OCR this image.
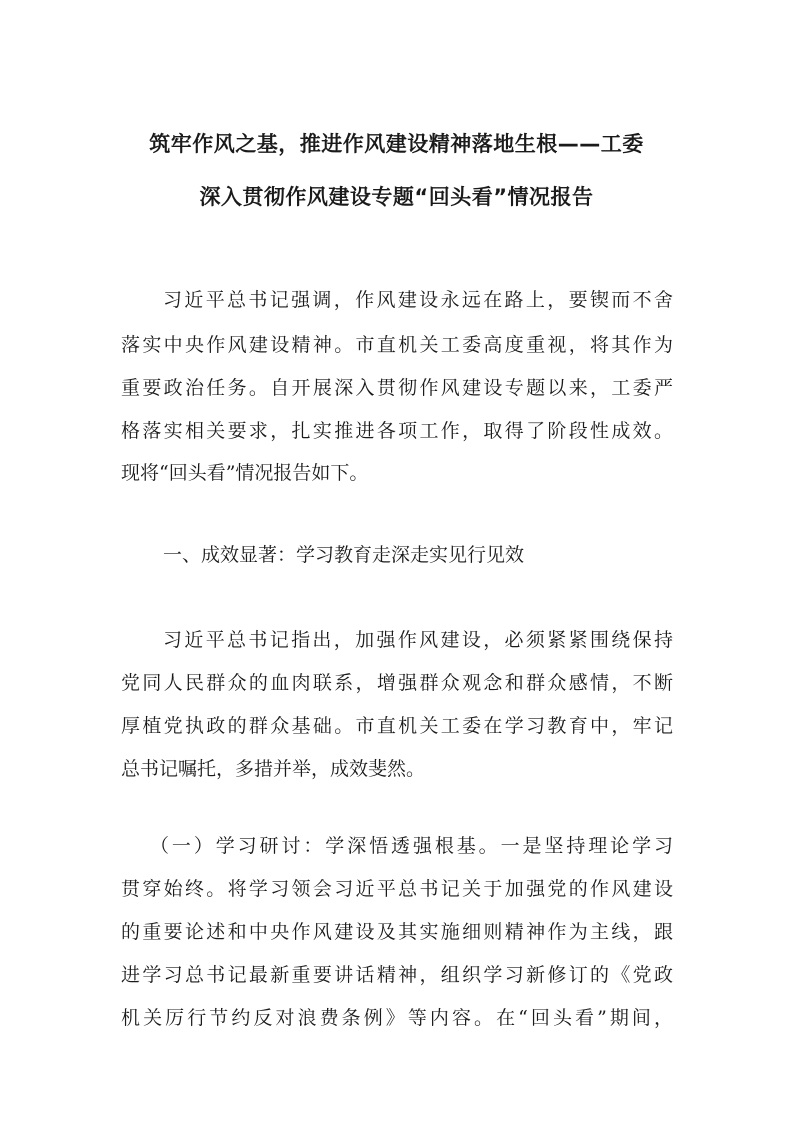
筑牢作风之基，推进作风建设精神落地生根——工委
深入贯彻作风建设专题“回头看”情况报告
习近平总书记强调，作风建设永远在路上，要锲而不舍
落实中央作风建设精神。市直机关工委高度重视，将其作为
重要政治任务。自开展深入贯彻作风建设专题以来，工委严
格落实相关要求，扎实推进各项工作，取得了阶段性成效。
现将“回头看”情况报告如下。
一、成效显著：学习教育走深走实见行见效
习近平总书记指出，加强作风建设，必须紧紧围绕保持
党同人民群众的血肉联系，增强群众观念和群众感情，不断
厚植党执政的群众基础。市直机关工委在学习教育中，牢记
总书记嘱托，多措并举，成效斐然。
（一）学习研讨：学深悟透强根基。一是坚持理论学习
贯穿始终。将学习领会习近平总书记关于加强党的作风建设
的重要论述和中央作风建设及其实施细则精神作为主线，跟
进学习总书记最新重要讲话精神，组织学习新修订的《党政
机关厉行节约反对浪费条例》等内容。在“回头看”期间，
